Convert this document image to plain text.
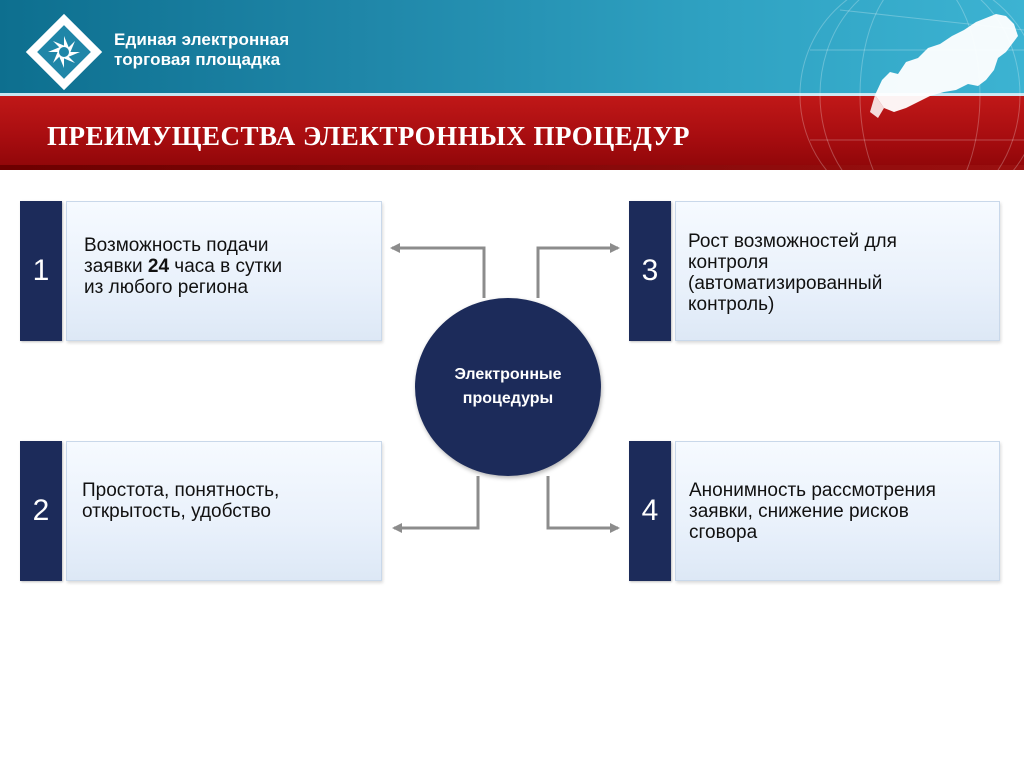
Единая электронная
торговая площадка
ПРЕИМУЩЕСТВА ЭЛЕКТРОННЫХ ПРОЦЕДУР
1
Возможность подачи
заявки 24 часа в сутки
из любого региона
2
Простота, понятность,
открытость, удобство
3
Рост возможностей для
контроля
(автоматизированный
контроль)
4
Анонимность рассмотрения
заявки, снижение рисков
сговора
Электронные
процедуры
